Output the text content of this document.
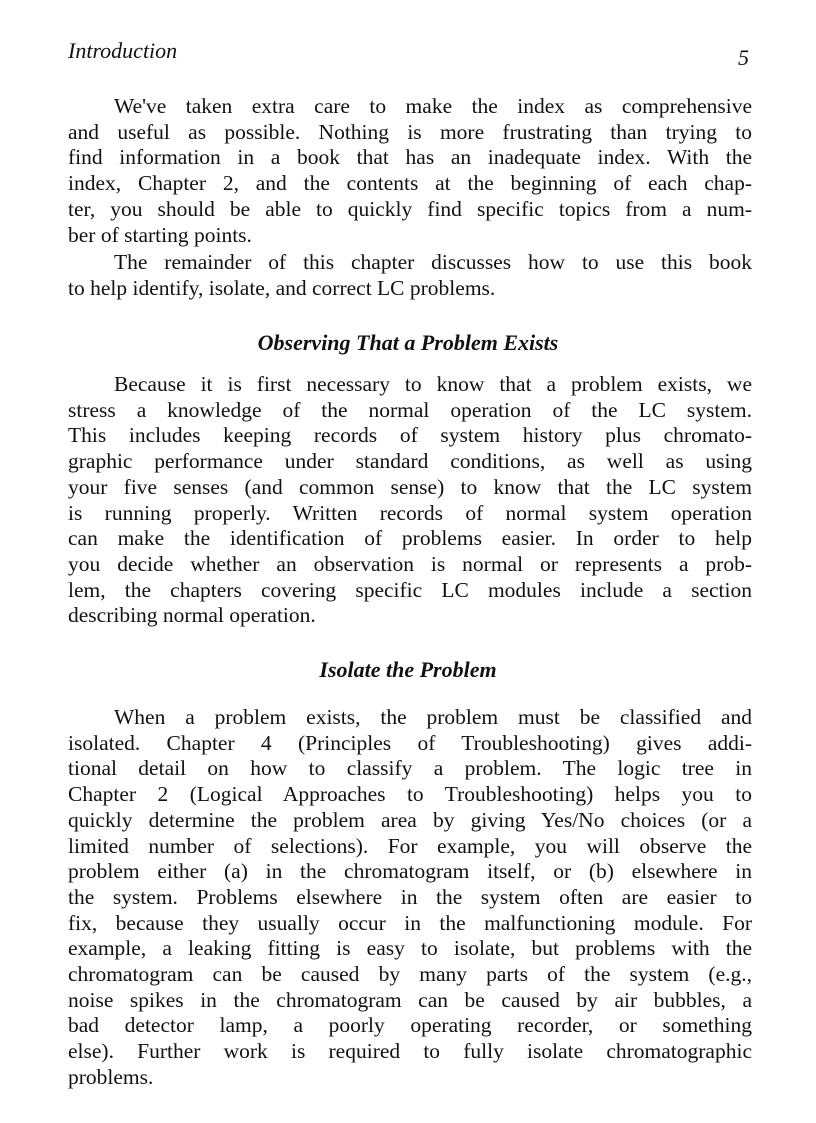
Introduction	5
We've taken extra care to make the index as comprehensive
and useful as possible. Nothing is more frustrating than trying to
find information in a book that has an inadequate index. With the
index, Chapter 2, and the contents at the beginning of each chap-
ter, you should be able to quickly find specific topics from a num-
ber of starting points.
The remainder of this chapter discusses how to use this book
to help identify, isolate, and correct LC problems.
Observing That a Problem Exists
Because it is first necessary to know that a problem exists, we
stress a knowledge of the normal operation of the LC system.
This includes keeping records of system history plus chromato-
graphic performance under standard conditions, as well as using
your five senses (and common sense) to know that the LC system
is running properly. Written records of normal system operation
can make the identification of problems easier. In order to help
you decide whether an observation is normal or represents a prob-
lem, the chapters covering specific LC modules include a section
describing normal operation.
Isolate the Problem
When a problem exists, the problem must be classified and
isolated. Chapter 4 (Principles of Troubleshooting) gives addi-
tional detail on how to classify a problem. The logic tree in
Chapter 2 (Logical Approaches to Troubleshooting) helps you to
quickly determine the problem area by giving Yes/No choices (or a
limited number of selections). For example, you will observe the
problem either (a) in the chromatogram itself, or (b) elsewhere in
the system. Problems elsewhere in the system often are easier to
fix, because they usually occur in the malfunctioning module. For
example, a leaking fitting is easy to isolate, but problems with the
chromatogram can be caused by many parts of the system (e.g.,
noise spikes in the chromatogram can be caused by air bubbles, a
bad detector lamp, a poorly operating recorder, or something
else). Further work is required to fully isolate chromatographic
problems.
